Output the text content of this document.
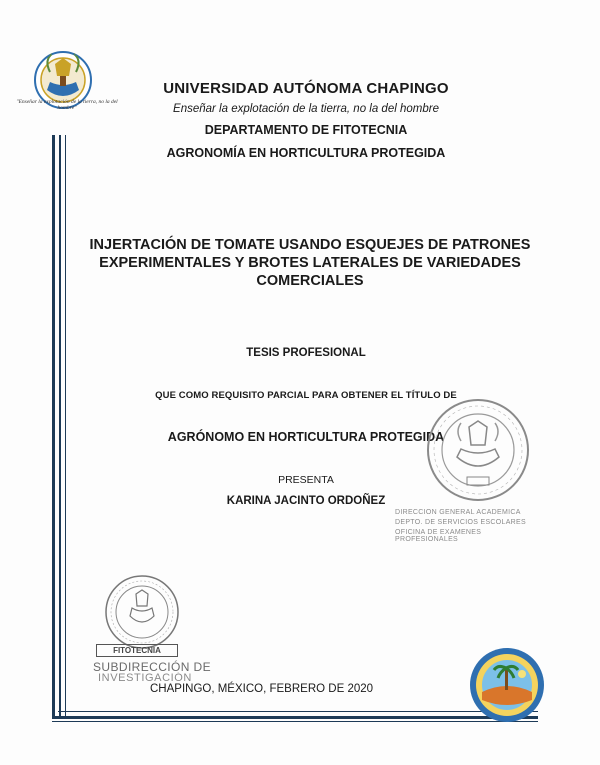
"Enseñar la explotación de la tierra, no la del hombre"
UNIVERSIDAD AUTÓNOMA CHAPINGO
Enseñar la explotación de la tierra, no la del hombre
DEPARTAMENTO DE FITOTECNIA
AGRONOMÍA EN HORTICULTURA PROTEGIDA
INJERTACIÓN DE TOMATE USANDO ESQUEJES DE PATRONES EXPERIMENTALES Y BROTES LATERALES DE VARIEDADES COMERCIALES
TESIS PROFESIONAL
QUE COMO REQUISITO PARCIAL PARA OBTENER EL TÍTULO DE
AGRÓNOMO EN HORTICULTURA PROTEGIDA
PRESENTA
KARINA JACINTO ORDOÑEZ
DIRECCION GENERAL ACADEMICA
DEPTO. DE SERVICIOS ESCOLARES
OFICINA DE EXAMENES PROFESIONALES
FITOTECNIA
SUBDIRECCIÓN DE
INVESTIGACIÓN
CHAPINGO, MÉXICO, FEBRERO DE 2020
